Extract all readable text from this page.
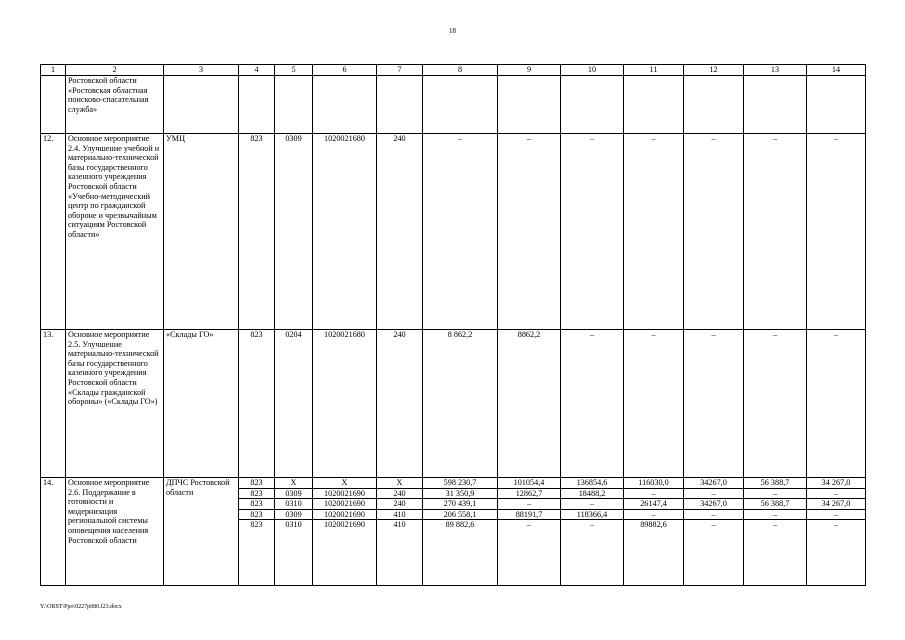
18
1	2	3	4	5	6	7	8	9	10	11	12	13	14
	Ростовской области «Ростовская областная поисково-спасательная служба»												
12.	Основное мероприятие 2.4. Улучшение учебной и материально-технической базы государственного казенного учреждения Ростовской области «Учебно-методический центр по гражданской обороне и чрезвычайным ситуациям Ростовской области»	УМЦ	823	0309	1020021680	240	–	–	–	–	–	–	–
13.	Основное мероприятие 2.5. Улучшение материально-технической базы государственного казенного учреждения Ростовской области «Склады гражданской обороны» («Склады ГО»)	«Склады ГО»	823	0204	1020021680	240	8 862,2	8862,2	–	–	–	–	–
14.	Основное мероприятие 2.6. Поддержание в готовности и модернизация региональной системы оповещения населения Ростовской области	ДПЧС Ростовской области	823	Х	Х	Х	598 230,7	101054,4	136854,6	116030,0	34267,0	56 388,7	34 267,0
			823	0309	1020021690	240	31 350,9	12862,7	18488,2	–	–	–	–
			823	0310	1020021690	240	270 439,1	–	–	26147,4	34267,0	56 388,7	34 267,0
			823	0309	1020021690	410	206 558,1	88191,7	118366,4	–	–	–	–
			823	0310	1020021690	410	89 882,6	–	–	89882,6	–	–	–

Y:\ORST\Ppo\0227p080.f23.docx
